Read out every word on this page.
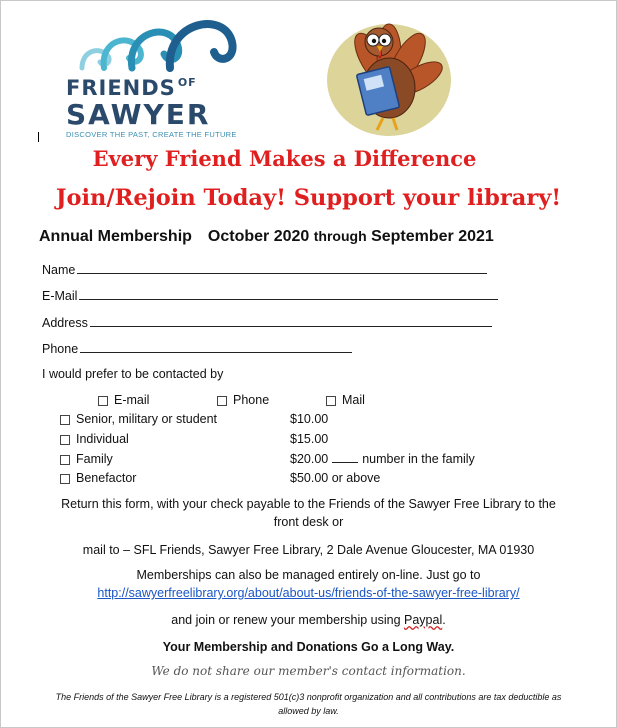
FRIENDS $^{OF}$
SAWYER
DISCOVER THE PAST, CREATE THE FUTURE
Every Friend Makes a Difference
Join/Rejoin Today! Support your library!
Annual Membership October 2020 through September 2021
Name
E-Mail
Address
Phone
I would prefer to be contacted by
E-mail	Phone	Mail
Senior, military or student	$10.00
Individual	$15.00
Family	$20.00	number in the family
Benefactor	$50.00 or above
Return this form, with your check payable to the Friends of the Sawyer Free Library to the
front desk or
mail to – SFL Friends, Sawyer Free Library, 2 Dale Avenue Gloucester, MA 01930
Memberships can also be managed entirely on-line. Just go to
http://sawyerfreelibrary.org/about/about-us/friends-of-the-sawyer-free-library/
and join or renew your membership using Paypal.
Your Membership and Donations Go a Long Way.
We do not share our member's contact information.
The Friends of the Sawyer Free Library is a registered 501(c)3 nonprofit organization and all contributions are tax deductible as allowed by law.
